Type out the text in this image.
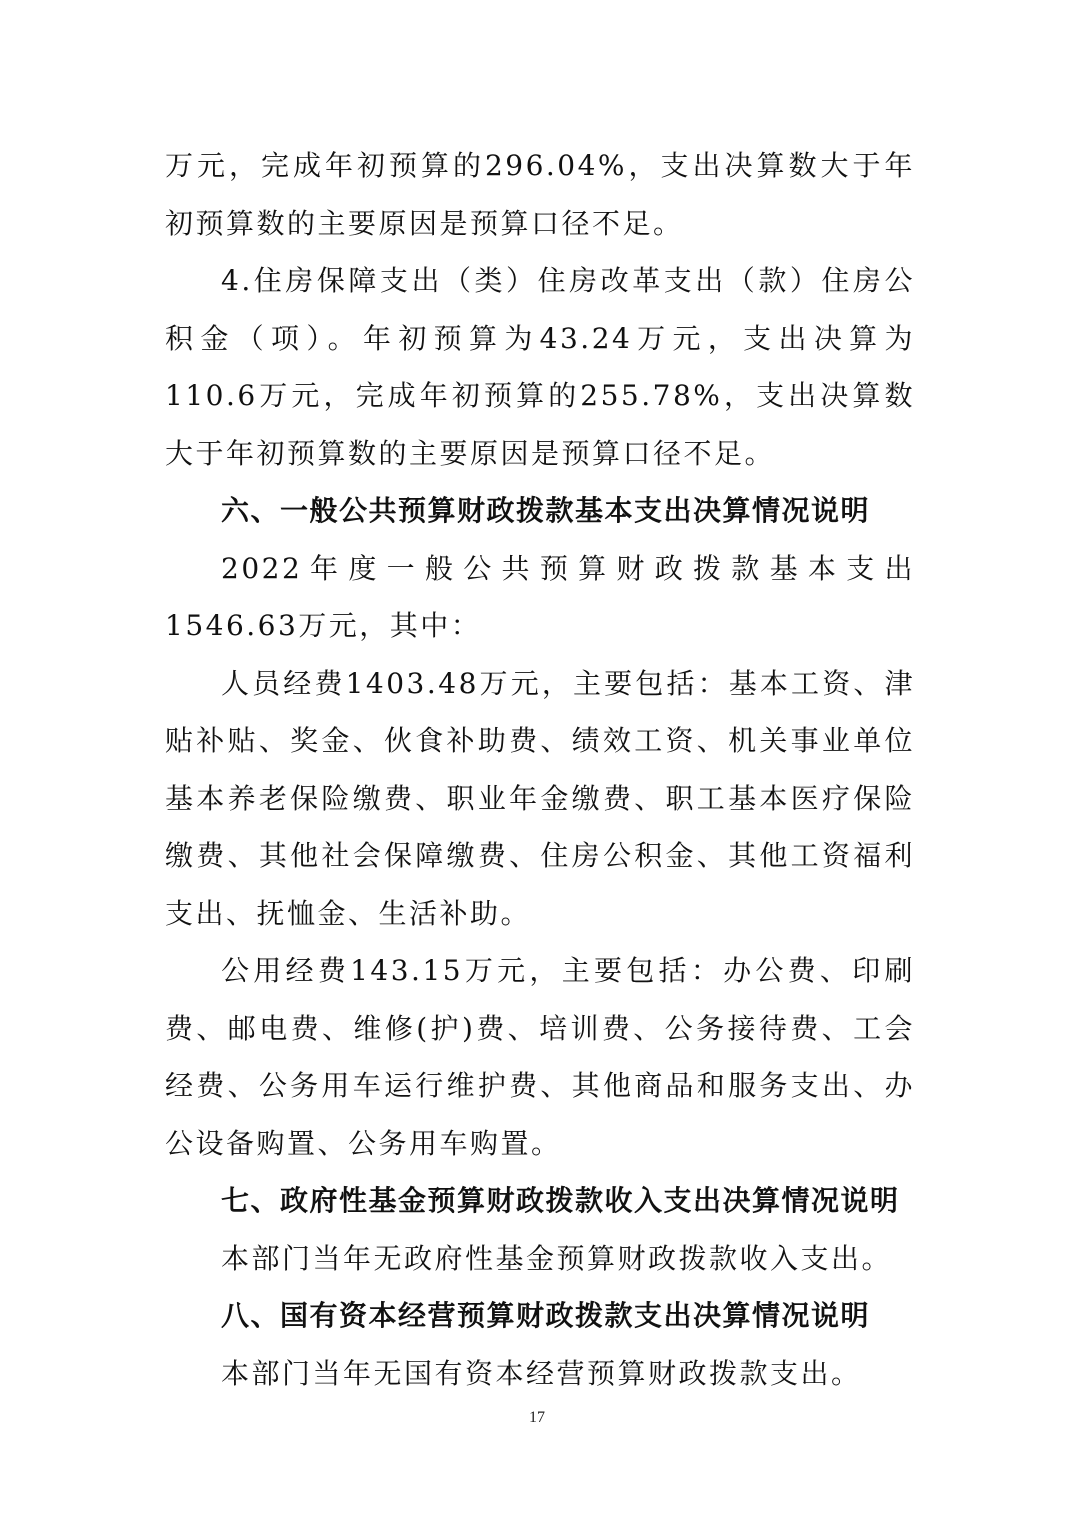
万元，完成年初预算的296.04%，支出决算数大于年初预算数的主要原因是预算口径不足。

4.住房保障支出（类）住房改革支出（款）住房公积金（项）。年初预算为43.24万元，支出决算为110.6万元，完成年初预算的255.78%，支出决算数大于年初预算数的主要原因是预算口径不足。

六、一般公共预算财政拨款基本支出决算情况说明

2022年度一般公共预算财政拨款基本支出1546.63万元，其中：

人员经费1403.48万元，主要包括：基本工资、津贴补贴、奖金、伙食补助费、绩效工资、机关事业单位基本养老保险缴费、职业年金缴费、职工基本医疗保险缴费、其他社会保障缴费、住房公积金、其他工资福利支出、抚恤金、生活补助。

公用经费143.15万元，主要包括：办公费、印刷费、邮电费、维修(护)费、培训费、公务接待费、工会经费、公务用车运行维护费、其他商品和服务支出、办公设备购置、公务用车购置。

七、政府性基金预算财政拨款收入支出决算情况说明

本部门当年无政府性基金预算财政拨款收入支出。

八、国有资本经营预算财政拨款支出决算情况说明

本部门当年无国有资本经营预算财政拨款支出。

17
